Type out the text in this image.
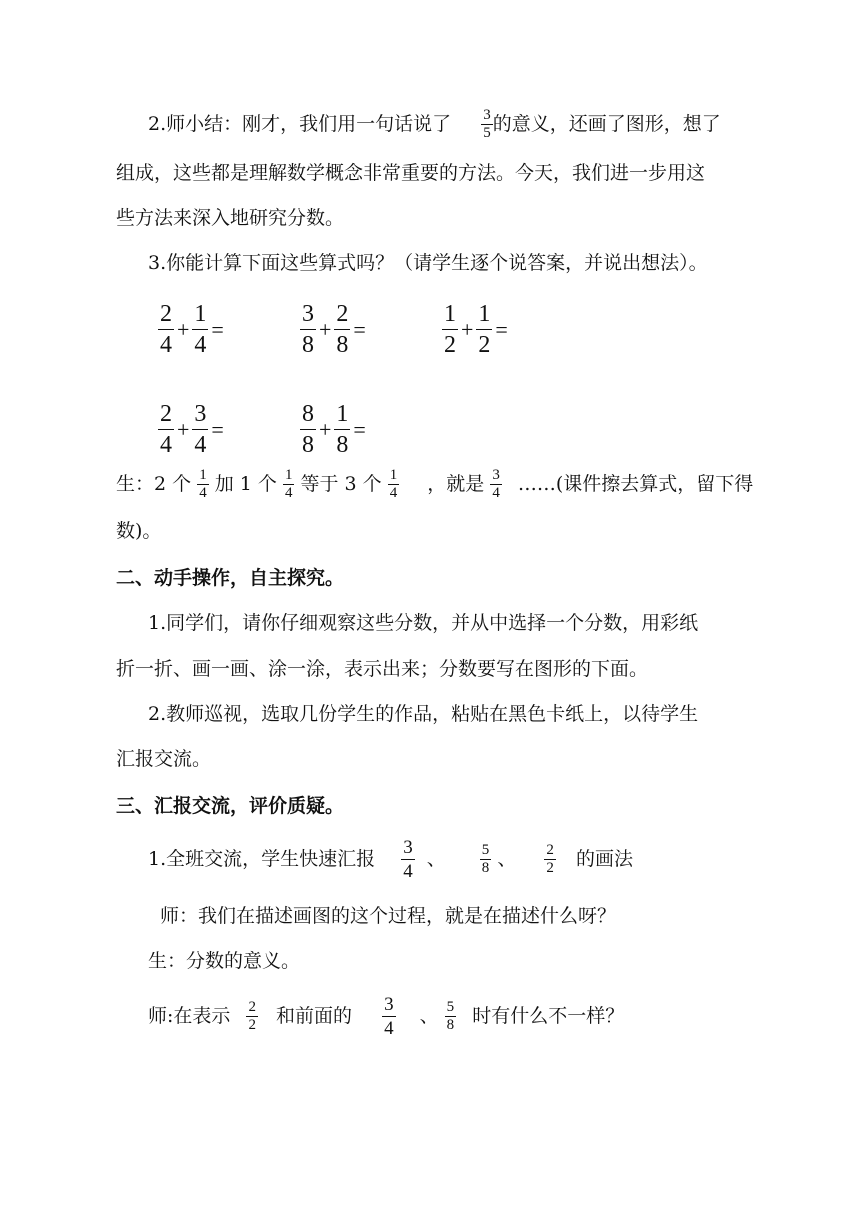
2.师小结：刚才，我们用一句话说了 $\frac{3}{5}$ 的意义，还画了图形，想了
组成，这些都是理解数学概念非常重要的方法。今天，我们进一步用这
些方法来深入地研究分数。
3.你能计算下面这些算式吗？（请学生逐个说答案，并说出想法）。
$\frac{2}{4} + \frac{1}{4}$ =	$\frac{3}{8} + \frac{2}{8}$ =	$\frac{1}{2} + \frac{1}{2}$ =
$\frac{2}{4} + \frac{3}{4}$ =	$\frac{8}{8} + \frac{1}{8}$ =
生：2 个 $\frac{1}{4}$ 加 1 个 $\frac{1}{4}$ 等于 3 个 $\frac{1}{4}$ ，就是 $\frac{3}{4}$ ……(课件擦去算式，留下得
数)。
二、动手操作，自主探究。
1.同学们，请你仔细观察这些分数，并从中选择一个分数，用彩纸
折一折、画一画、涂一涂，表示出来；分数要写在图形的下面。
2.教师巡视，选取几份学生的作品，粘贴在黑色卡纸上，以待学生
汇报交流。
三、汇报交流，评价质疑。
1.全班交流，学生快速汇报 $\frac{3}{4}$ 、 $\frac{5}{8}$ 、 $\frac{2}{2}$ 的画法
师：我们在描述画图的这个过程，就是在描述什么呀？
生：分数的意义。
师:在表示 $\frac{2}{2}$ 和前面的 $\frac{3}{4}$ 、 $\frac{5}{8}$ 时有什么不一样？
